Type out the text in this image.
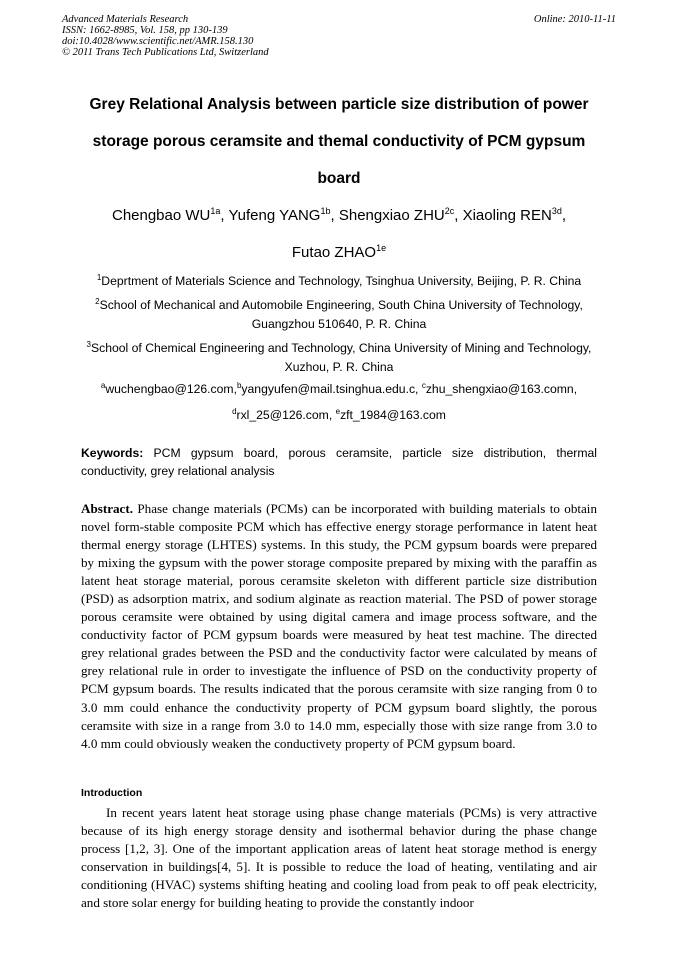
Advanced Materials Research
ISSN: 1662-8985, Vol. 158, pp 130-139
doi:10.4028/www.scientific.net/AMR.158.130
© 2011 Trans Tech Publications Ltd, Switzerland
Online: 2010-11-11
Grey Relational Analysis between particle size distribution of power storage porous ceramsite and themal conductivity of PCM gypsum board
Chengbao $WU^{1a}$, Yufeng $YANG^{1b}$, Shengxiao $ZHU^{2c}$, Xiaoling $REN^{3d}$,
Futao $ZHAO^{1e}$
$^1$Deprtment of Materials Science and Technology, Tsinghua University, Beijing, P. R. China
$^2$School of Mechanical and Automobile Engineering, South China University of Technology, Guangzhou 510640, P. R. China
$^3$School of Chemical Engineering and Technology, China University of Mining and Technology, Xuzhou, P. R. China
$^a$wuchengbao@126.com,$^b$yangyufen@mail.tsinghua.edu.c, $^c$zhu_shengxiao@163.comn,
$^d$rxl_25@126.com, $^e$zft_1984@163.com
Keywords: PCM gypsum board, porous ceramsite, particle size distribution, thermal conductivity, grey relational analysis
Abstract. Phase change materials (PCMs) can be incorporated with building materials to obtain novel form-stable composite PCM which has effective energy storage performance in latent heat thermal energy storage (LHTES) systems. In this study, the PCM gypsum boards were prepared by mixing the gypsum with the power storage composite prepared by mixing with the paraffin as latent heat storage material, porous ceramsite skeleton with different particle size distribution (PSD) as adsorption matrix, and sodium alginate as reaction material. The PSD of power storage porous ceramsite were obtained by using digital camera and image process software, and the conductivity factor of PCM gypsum boards were measured by heat test machine. The directed grey relational grades between the PSD and the conductivity factor were calculated by means of grey relational rule in order to investigate the influence of PSD on the conductivity property of PCM gypsum boards. The results indicated that the porous ceramsite with size ranging from 0 to 3.0 mm could enhance the conductivity property of PCM gypsum board slightly, the porous ceramsite with size in a range from 3.0 to 14.0 mm, especially those with size range from 3.0 to 4.0 mm could obviously weaken the conductivety property of PCM gypsum board.
Introduction
In recent years latent heat storage using phase change materials (PCMs) is very attractive because of its high energy storage density and isothermal behavior during the phase change process [1,2, 3]. One of the important application areas of latent heat storage method is energy conservation in buildings[4, 5]. It is possible to reduce the load of heating, ventilating and air conditioning (HVAC) systems shifting heating and cooling load from peak to off peak electricity, and store solar energy for building heating to provide the constantly indoor
